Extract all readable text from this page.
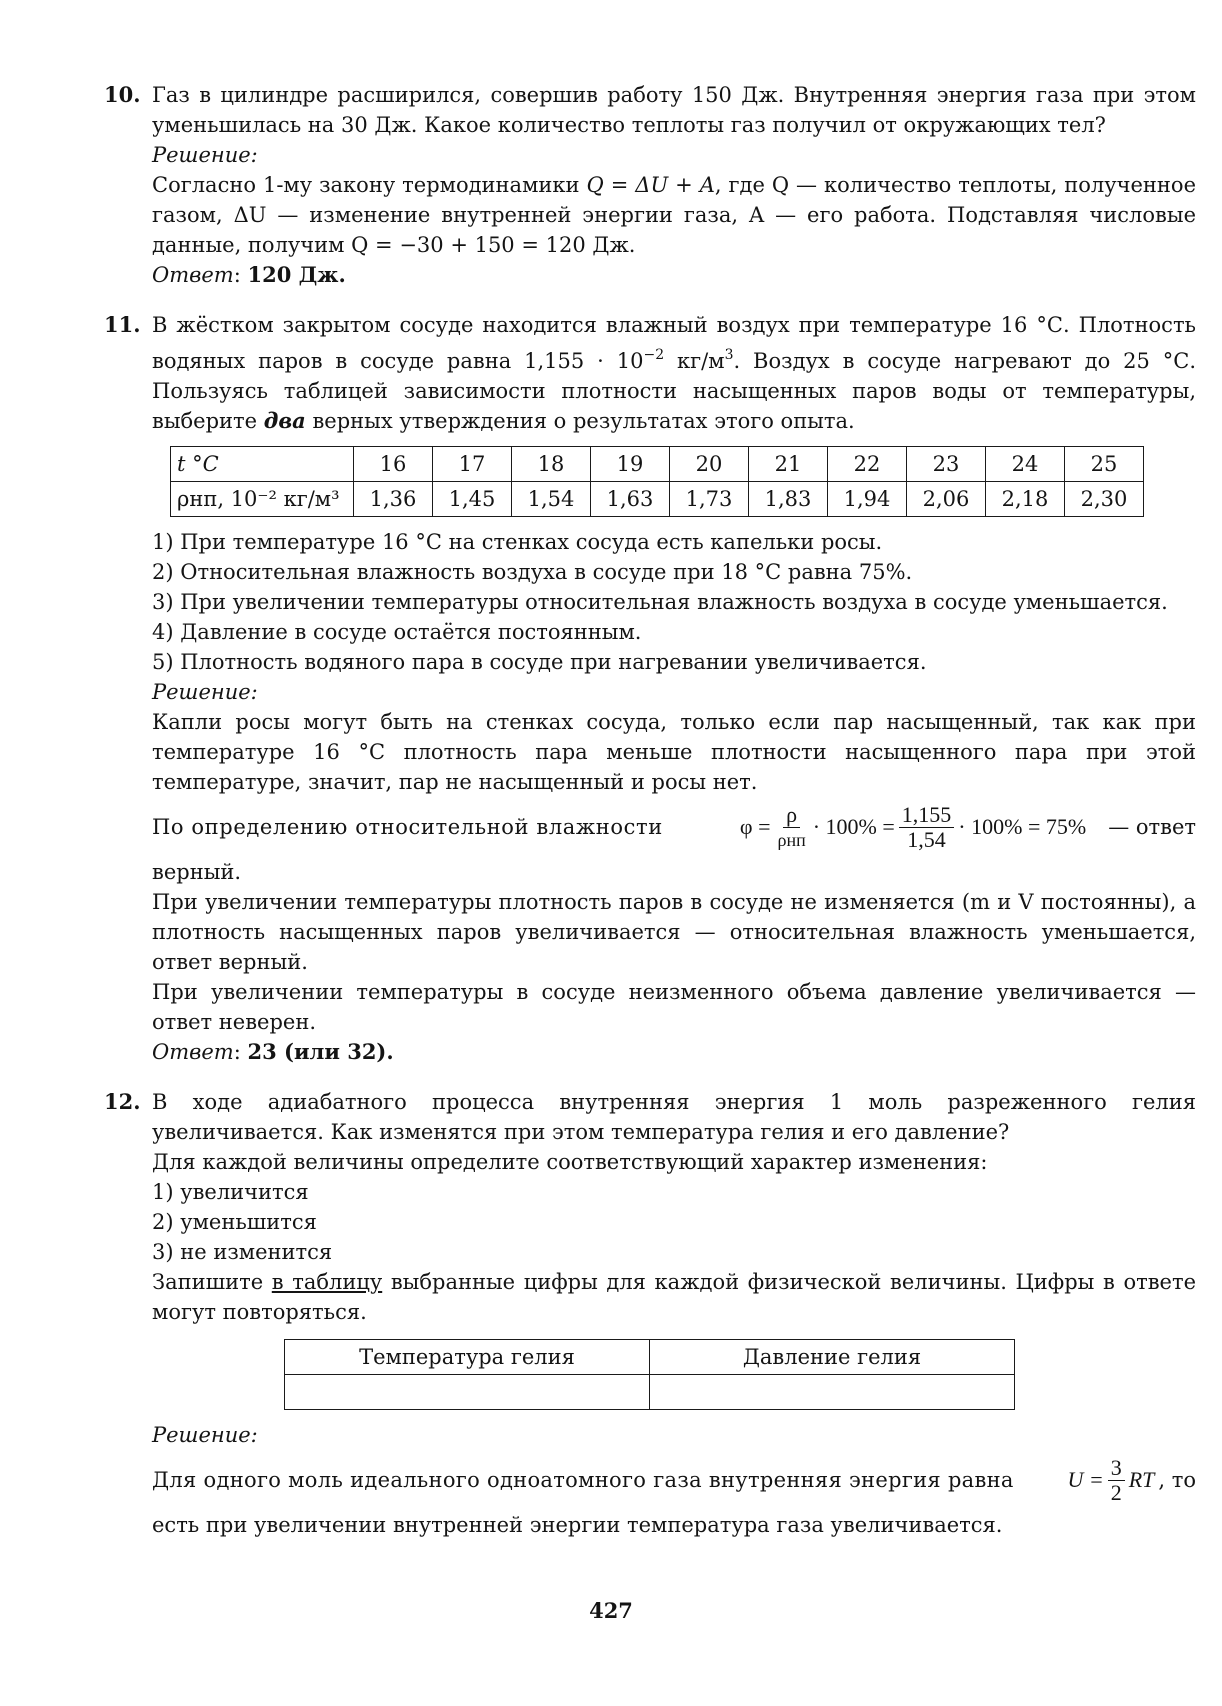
10. Газ в цилиндре расширился, совершив работу 150 Дж. Внутренняя энергия газа при этом уменьшилась на 30 Дж. Какое количество теплоты газ получил от окружающих тел?

Решение:

Согласно 1-му закону термодинамики Q = ΔU + A, где Q — количество теплоты, полученное газом, ΔU — изменение внутренней энергии газа, A — его работа. Подставляя числовые данные, получим Q = −30 + 150 = 120 Дж.

Ответ: 120 Дж.

11. В жёстком закрытом сосуде находится влажный воздух при температуре 16 °С. Плотность водяных паров в сосуде равна $1,155 \cdot 10^{-2}$ $кг/м^3$. Воздух в сосуде нагревают до 25 °С. Пользуясь таблицей зависимости плотности насыщенных паров воды от температуры, выберите два верных утверждения о результатах этого опыта.

t °C	16	17	18	19	20	21	22	23	24	25
ρнп, 10⁻² кг/м³	1,36	1,45	1,54	1,63	1,73	1,83	1,94	2,06	2,18	2,30
1) При температуре 16 °С на стенках сосуда есть капельки росы.
2) Относительная влажность воздуха в сосуде при 18 °С равна 75%.
3) При увеличении температуры относительная влажность воздуха в сосуде уменьшается.
4) Давление в сосуде остаётся постоянным.
5) Плотность водяного пара в сосуде при нагревании увеличивается.

Решение:

Капли росы могут быть на стенках сосуда, только если пар насыщенный, так как при температуре 16 °С плотность пара меньше плотности насыщенного пара при этой температуре, значит, пар не насыщенный и росы нет.

По определению относительной влажности	$\varphi = \frac{\rho}{\text{ρнп}} \cdot 100\% = \frac{1,155}{1,54} \cdot 100\% = 75\%$ — ответ

верный.

При увеличении температуры плотность паров в сосуде не изменяется (m и V постоянны), а плотность насыщенных паров увеличивается — относительная влажность уменьшается, ответ верный.

При увеличении температуры в сосуде неизменного объема давление увеличивается — ответ неверен.

Ответ: 23 (или 32).

12. В ходе адиабатного процесса внутренняя энергия 1 моль разреженного гелия увеличивается. Как изменятся при этом температура гелия и его давление?

Для каждой величины определите соответствующий характер изменения:

1) увеличится
2) уменьшится
3) не изменится

Запишите в таблицу выбранные цифры для каждой физической величины. Цифры в ответе могут повторяться.

Температура гелия	Давление гелия

Решение:

Для одного моль идеального одноатомного газа внутренняя энергия равна	$U = \frac{3}{2}$ RT , то

есть при увеличении внутренней энергии температура газа увеличивается.

427
